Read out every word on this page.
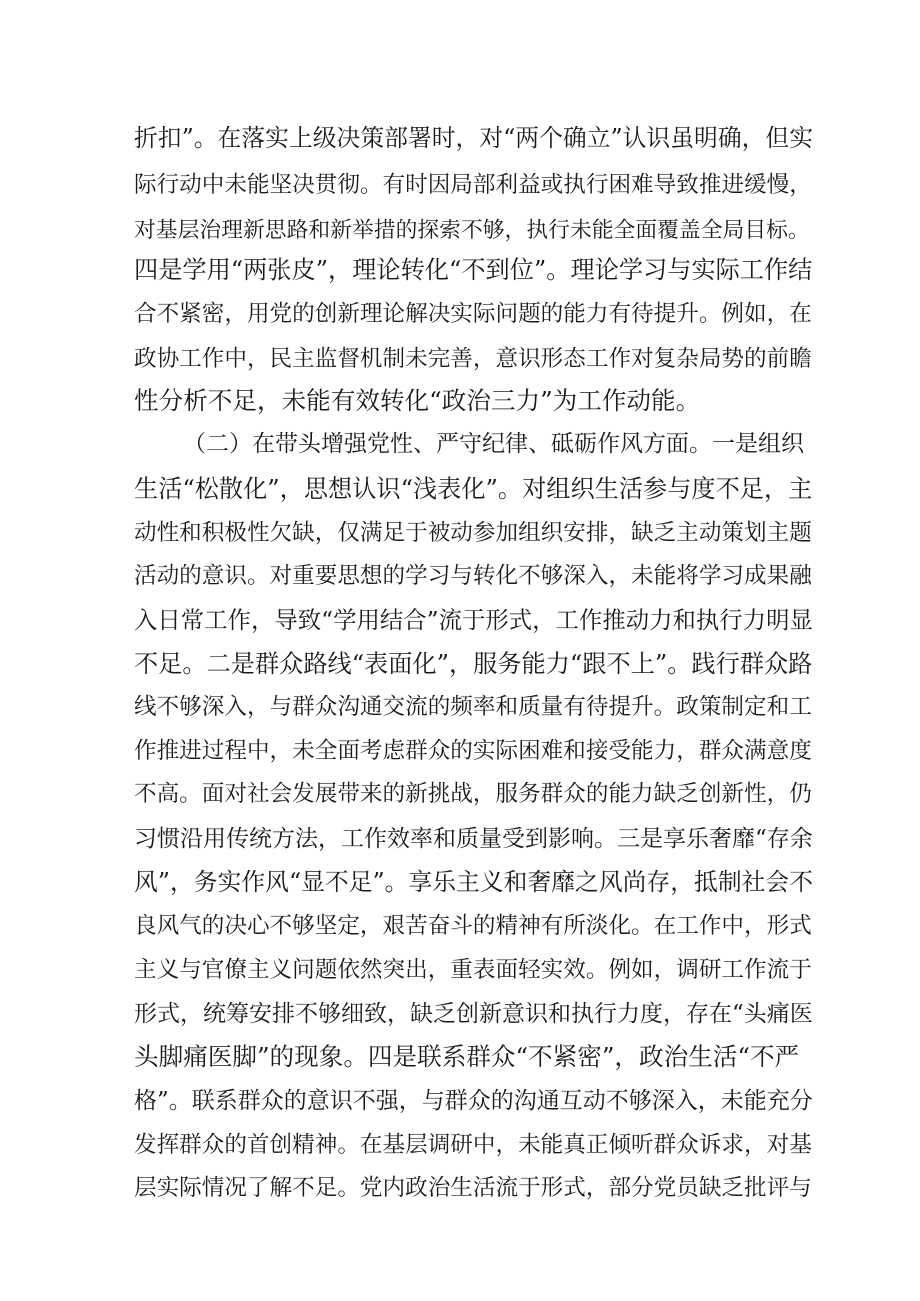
折扣”。在落实上级决策部署时，对“两个确立”认识虽明确，但实

际行动中未能坚决贯彻。有时因局部利益或执行困难导致推进缓慢，

对基层治理新思路和新举措的探索不够，执行未能全面覆盖全局目标。

四是学用“两张皮”，理论转化“不到位”。理论学习与实际工作结

合不紧密，用党的创新理论解决实际问题的能力有待提升。例如，在

政协工作中，民主监督机制未完善，意识形态工作对复杂局势的前瞻

性分析不足，未能有效转化“政治三力”为工作动能。

（二）在带头增强党性、严守纪律、砥砺作风方面。一是组织

生活“松散化”，思想认识“浅表化”。对组织生活参与度不足，主

动性和积极性欠缺，仅满足于被动参加组织安排，缺乏主动策划主题

活动的意识。对重要思想的学习与转化不够深入，未能将学习成果融

入日常工作，导致“学用结合”流于形式，工作推动力和执行力明显

不足。二是群众路线“表面化”，服务能力“跟不上”。践行群众路

线不够深入，与群众沟通交流的频率和质量有待提升。政策制定和工

作推进过程中，未全面考虑群众的实际困难和接受能力，群众满意度

不高。面对社会发展带来的新挑战，服务群众的能力缺乏创新性，仍

习惯沿用传统方法，工作效率和质量受到影响。三是享乐奢靡“存余

风”，务实作风“显不足”。享乐主义和奢靡之风尚存，抵制社会不

良风气的决心不够坚定，艰苦奋斗的精神有所淡化。在工作中，形式

主义与官僚主义问题依然突出，重表面轻实效。例如，调研工作流于

形式，统筹安排不够细致，缺乏创新意识和执行力度，存在“头痛医

头脚痛医脚”的现象。四是联系群众“不紧密”，政治生活“不严

格”。联系群众的意识不强，与群众的沟通互动不够深入，未能充分

发挥群众的首创精神。在基层调研中，未能真正倾听群众诉求，对基

层实际情况了解不足。党内政治生活流于形式，部分党员缺乏批评与
